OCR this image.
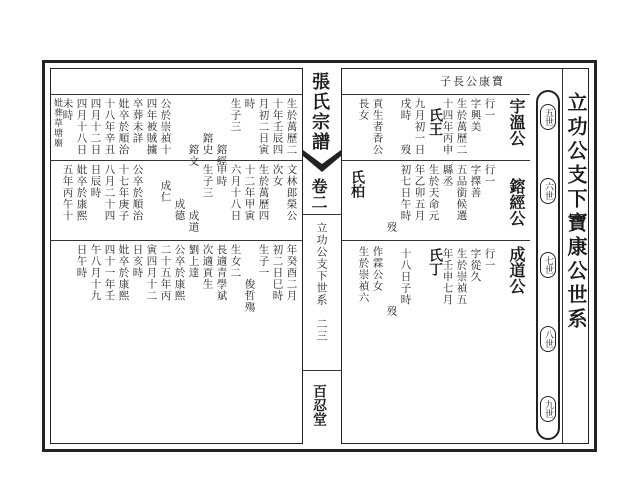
子長公康寶
立功公支下寶康公世系
五世
六世
七世
八世
九世
宇溫公
鎔經公
成道公
氏王
氏柏
氏丁
行一
字興美
生於萬歷二
十四年丙申
九月初一日
戌時　　歿
貢生者香公
長女
行一
字擇善
五品銜候選
縣丞
生於天命元
年乙卯五月
初七日午時
　　　　　歿
作霖公女
生於崇禎六	行一
字從久
生於崇禎五
年壬申七月
十八日子時
　　　　　歿
張氏宗譜
卷二
立功公支下世系
二三
百忍堂
生於萬歷二
十年壬辰四
月初二日寅
時
生子三
　　　　鎔經
　　　鎔史
　　　　鎔文
公於崇禎十
四年被賊擄
卒葬未詳
妣卒於順治
十八年辛丑
四月十二日
四月十八日
未時
妣葬草塘廟
文林郎榮公
次女
生於萬歷四
十二年甲寅
六月十八日
申時
生子三
　　　　成道
　　　成德
成仁
公卒於順治
十七年庚子
八月二十四
日辰時
妣卒於康熙
五年丙午十
年癸酉二月
初二日巳時
生子一
　　　俊哲殤
生女二
長適青學斌
次適貢生
劉上達
公卒於康熙
二十五年丙
寅四月十二
日亥時
妣卒於康熙
四十一年壬
午八月十九
日午時
